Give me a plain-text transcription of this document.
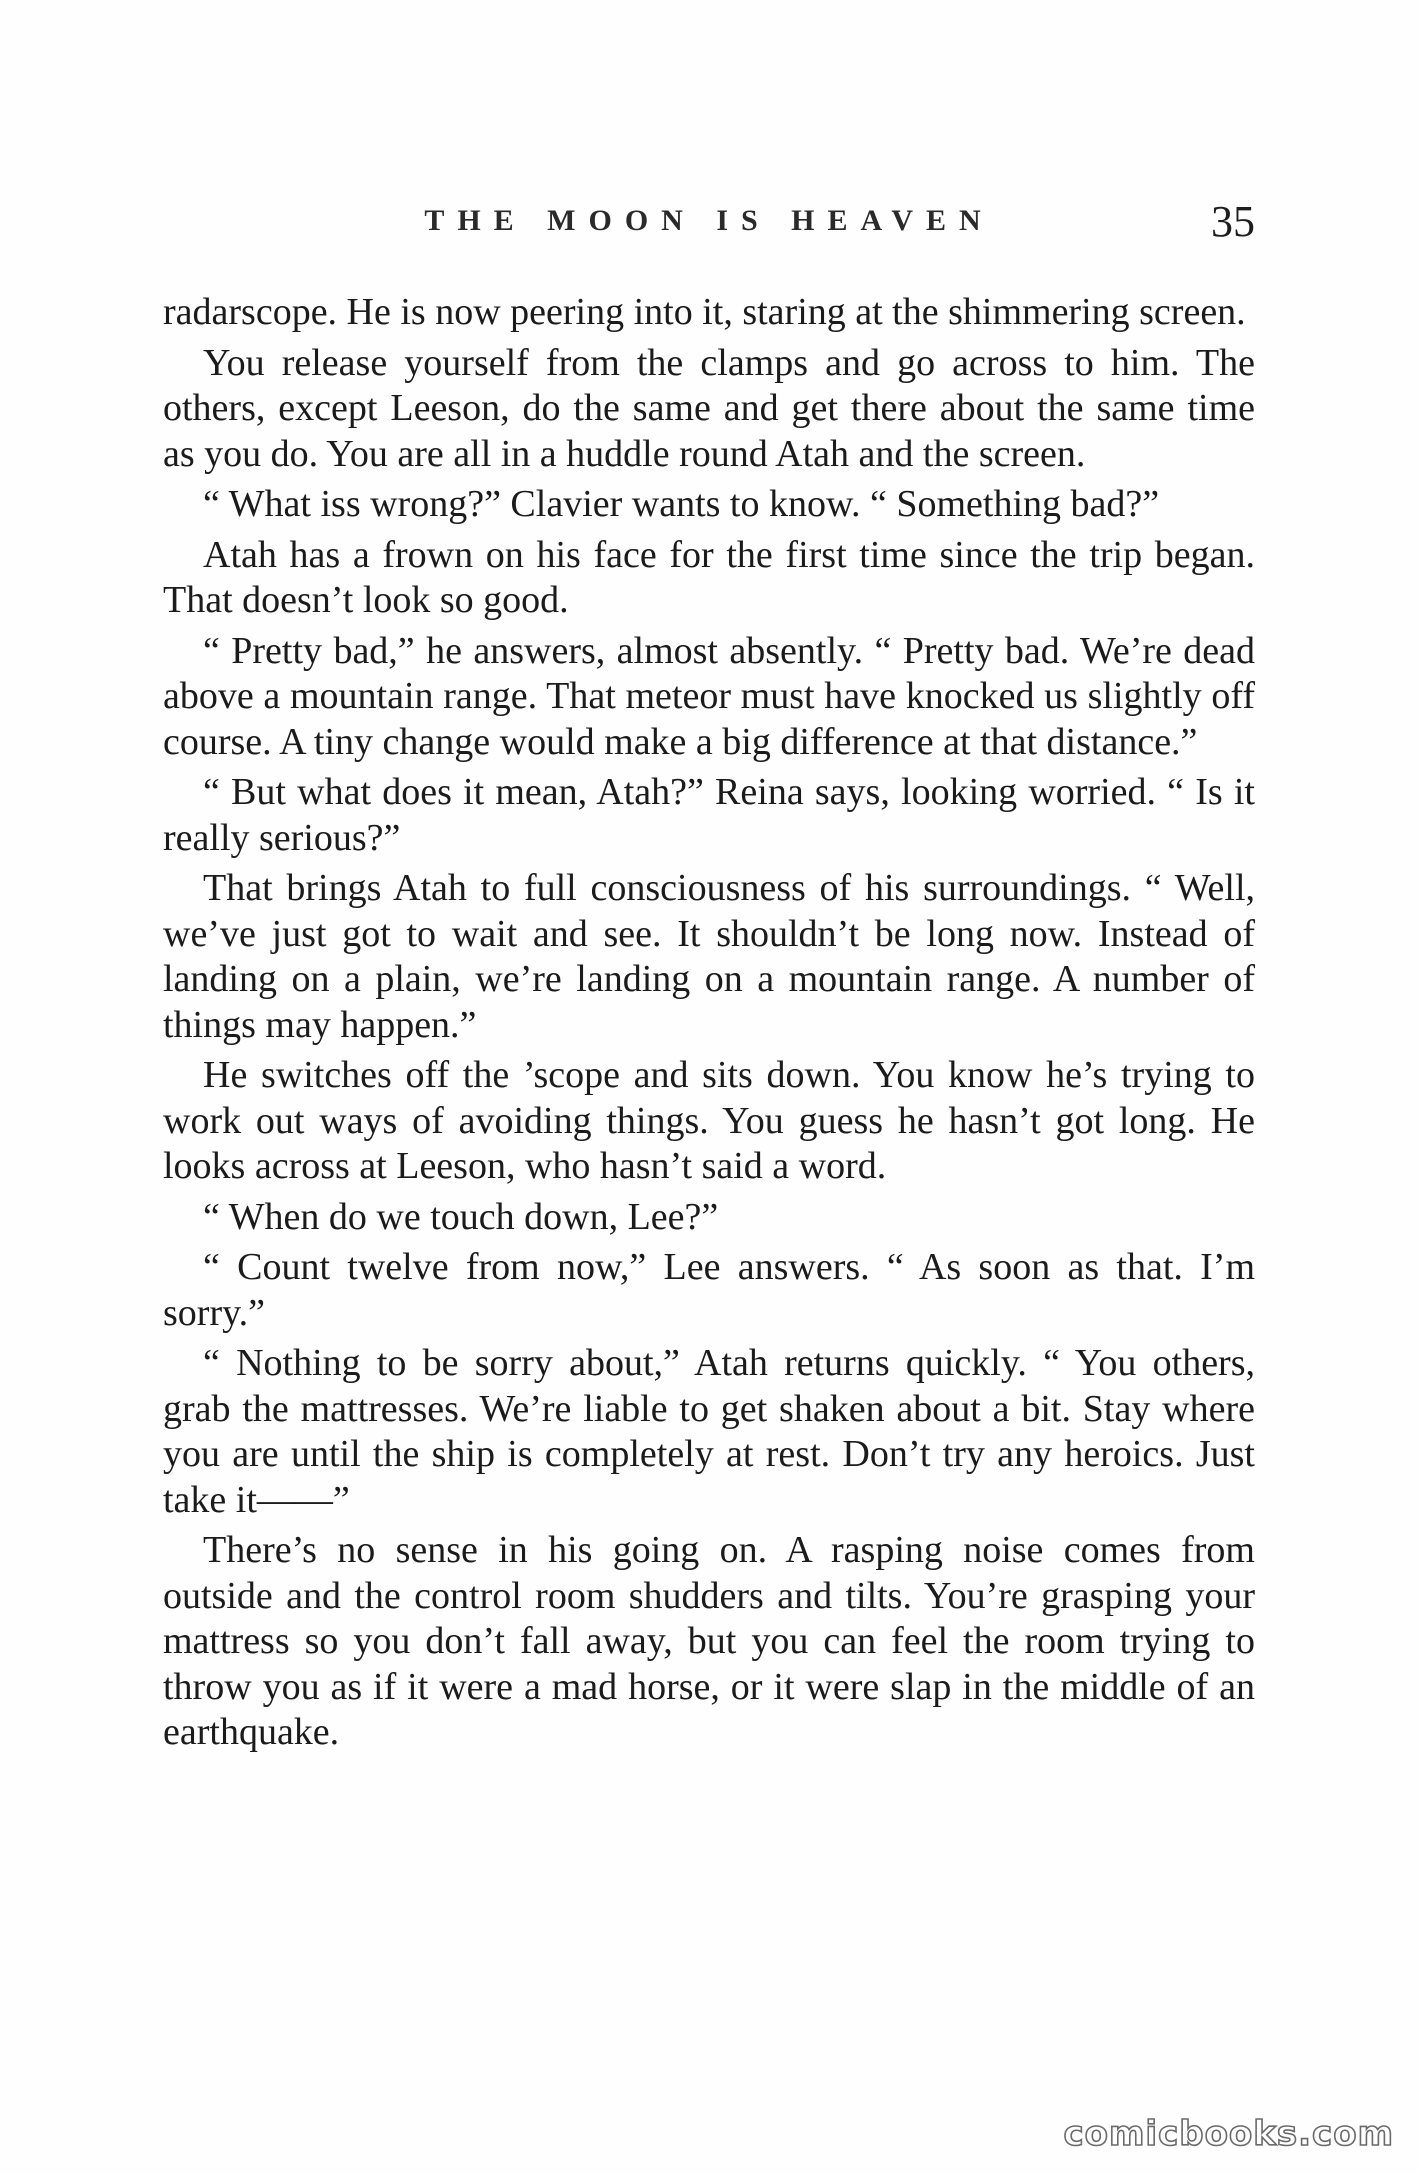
THE MOON IS HEAVEN	35

radarscope. He is now peering into it, staring at the shimmering screen.

You release yourself from the clamps and go across to him. The others, except Leeson, do the same and get there about the same time as you do. You are all in a huddle round Atah and the screen.

“ What iss wrong?” Clavier wants to know. “ Something bad?”

Atah has a frown on his face for the first time since the trip began. That doesn’t look so good.

“ Pretty bad,” he answers, almost absently. “ Pretty bad. We’re dead above a mountain range. That meteor must have knocked us slightly off course. A tiny change would make a big difference at that distance.”

“ But what does it mean, Atah?” Reina says, looking worried. “ Is it really serious?”

That brings Atah to full consciousness of his surroundings. “ Well, we’ve just got to wait and see. It shouldn’t be long now. Instead of landing on a plain, we’re landing on a mountain range. A number of things may happen.”

He switches off the ’scope and sits down. You know he’s trying to work out ways of avoiding things. You guess he hasn’t got long. He looks across at Leeson, who hasn’t said a word.

“ When do we touch down, Lee?”

“ Count twelve from now,” Lee answers. “ As soon as that. I’m sorry.”

“ Nothing to be sorry about,” Atah returns quickly. “ You others, grab the mattresses. We’re liable to get shaken about a bit. Stay where you are until the ship is completely at rest. Don’t try any heroics. Just take it——”

There’s no sense in his going on. A rasping noise comes from outside and the control room shudders and tilts. You’re grasping your mattress so you don’t fall away, but you can feel the room trying to throw you as if it were a mad horse, or it were slap in the middle of an earthquake.

comicbooks.com
